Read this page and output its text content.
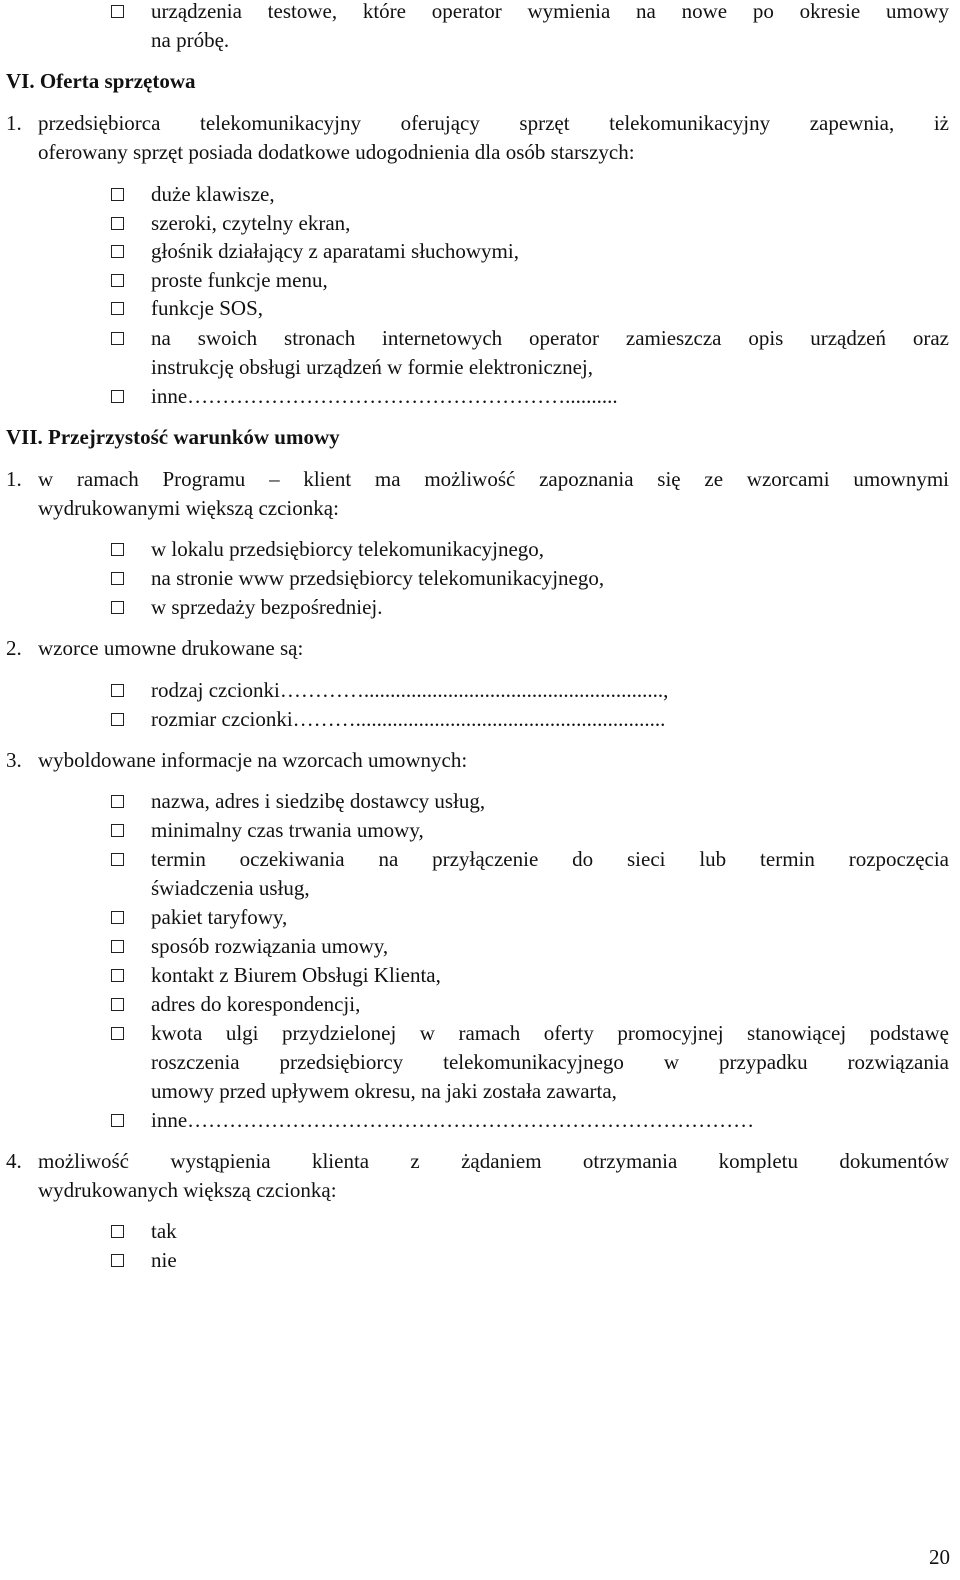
urządzenia testowe, które operator wymienia na nowe po okresie umowy
na próbę.
VI. Oferta sprzętowa
1. przedsiębiorca telekomunikacyjny oferujący sprzęt telekomunikacyjny zapewnia, iż
oferowany sprzęt posiada dodatkowe udogodnienia dla osób starszych:
duże klawisze,
szeroki, czytelny ekran,
głośnik działający z aparatami słuchowymi,
proste funkcje menu,
funkcje SOS,
na swoich stronach internetowych operator zamieszcza opis urządzeń oraz
instrukcję obsługi urządzeń w formie elektronicznej,
inne………………………………………………..........
VII. Przejrzystość warunków umowy
1. w ramach Programu – klient ma możliwość zapoznania się ze wzorcami umownymi
wydrukowanymi większą czcionką:
w lokalu przedsiębiorcy telekomunikacyjnego,
na stronie www przedsiębiorcy telekomunikacyjnego,
w sprzedaży bezpośredniej.
2. wzorce umowne drukowane są:
rodzaj czcionki………….........................................................,
rozmiar czcionki………...........................................................
3. wyboldowane informacje na wzorcach umownych:
nazwa, adres i siedzibę dostawcy usług,
minimalny czas trwania umowy,
termin oczekiwania na przyłączenie do sieci lub termin rozpoczęcia
świadczenia usług,
pakiet taryfowy,
sposób rozwiązania umowy,
kontakt z Biurem Obsługi Klienta,
adres do korespondencji,
kwota ulgi przydzielonej w ramach oferty promocyjnej stanowiącej podstawę
roszczenia przedsiębiorcy telekomunikacyjnego w przypadku rozwiązania
umowy przed upływem okresu, na jaki została zawarta,
inne………………………………………………………………………
4. możliwość wystąpienia klienta z żądaniem otrzymania kompletu dokumentów
wydrukowanych większą czcionką:
tak
nie
20
